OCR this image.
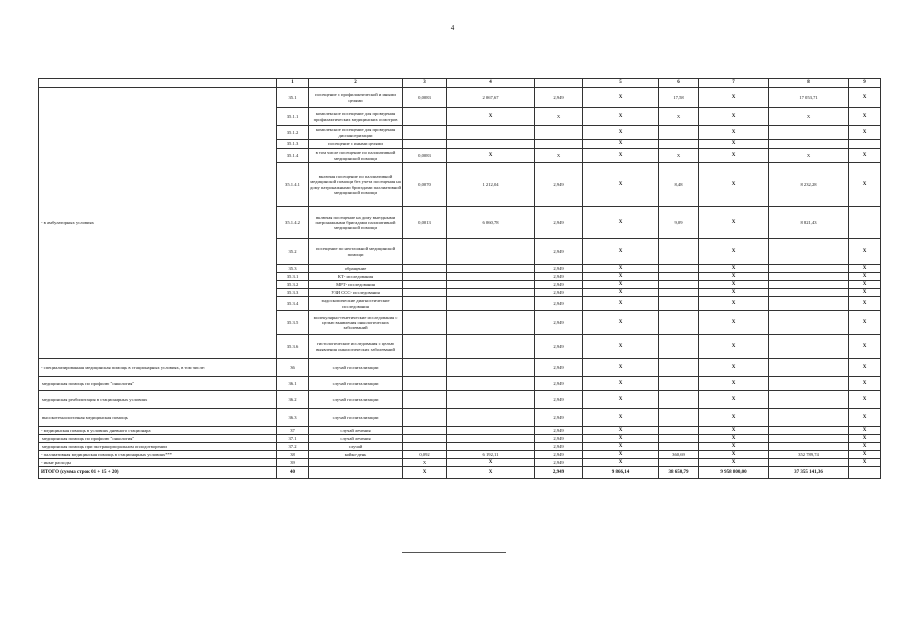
4
	1	2	3	4		5	6	7	8	9
- в амбулаторных условиях	35.1	посещение с профилактической и иными целями	0,0083	2 067,67	2,949	X	17,58	X	17 053,71	X
	35.1.1	комплексное посещение для проведения профилактических медицинских осмотров		X	X	X	X	X	X	X
	35.1.2	комплексное посещение для проведения диспансеризации				X		X		X
	35.1.3	посещение с иными целями				X		X		
	35.1.4	в том числе посещение по паллиативной медицинской помощи	0,0083	X	X	X	X	X	X	X
	35.1.4.1	включая посещение по паллиативной медицинской помощи без учета посещения на дому патронажными бригадами паллиативной медицинской помощи	0,0070	1 212,04	2,949	X	8,48	X	8 232,28	X
	35.1.4.2	включая посещение на дому выездными патронажными бригадами паллиативной медицинской помощи	0,0013	6 060,78	2,949	X	9,09	X	8 821,43	
	35.2	посещение по неотложной медицинской помощи			2,949	X		X		X
	35.3	обращение			2,949	X		X		X
	35.3.1	КТ- исследования			2,949	X		X		X
	35.3.2	МРТ- исследования			2,949	X		X		X
	35.3.3	УЗИ ССС- исследования			2,949	X		X		X
	35.3.4	эндоскопические диагностические исследования			2,949	X		X		X
	35.3.5	молекулярно-генетические исследования с целью выявления онкологических заболеваний			2,949	X		X		X
	35.3.6	гистологические исследования с целью выявления онкологических заболеваний			2,949	X		X		X
- специализированная медицинская помощь в стационарных условиях, в том числе:	36	случай госпитализации			2,949	X		X		X
медицинская помощь по профилю "онкология"	36.1	случай госпитализации			2,949	X		X		X
медицинская реабилитация в стационарных условиях	36.2	случай госпитализации			2,949	X		X		X
высокотехнологичная медицинская помощь	36.3	случай госпитализации			2,949	X		X		X
- медицинская помощь в условиях дневного стационара	37	случай лечения			2,949	X		X		X
медицинская помощь по профилю "онкология"	37.1	случай лечения			2,949	X		X		X
медицинская помощь при экстракорпоральном оплодотворении	37.2	случай			2,949	X		X		X
- паллиативная медицинская помощь в стационарных условиях***	38	койко-день	0,092	6 192,11	2,949	X	360,69	X	352 789,74	X
- иные расходы	39		X	X	2,949	X		X		X
ИТОГО (сумма строк 01 + 15 + 20)	40		X	X	2,949	9 866,14	38 650,79	9 958 800,00	37 355 141,36	
